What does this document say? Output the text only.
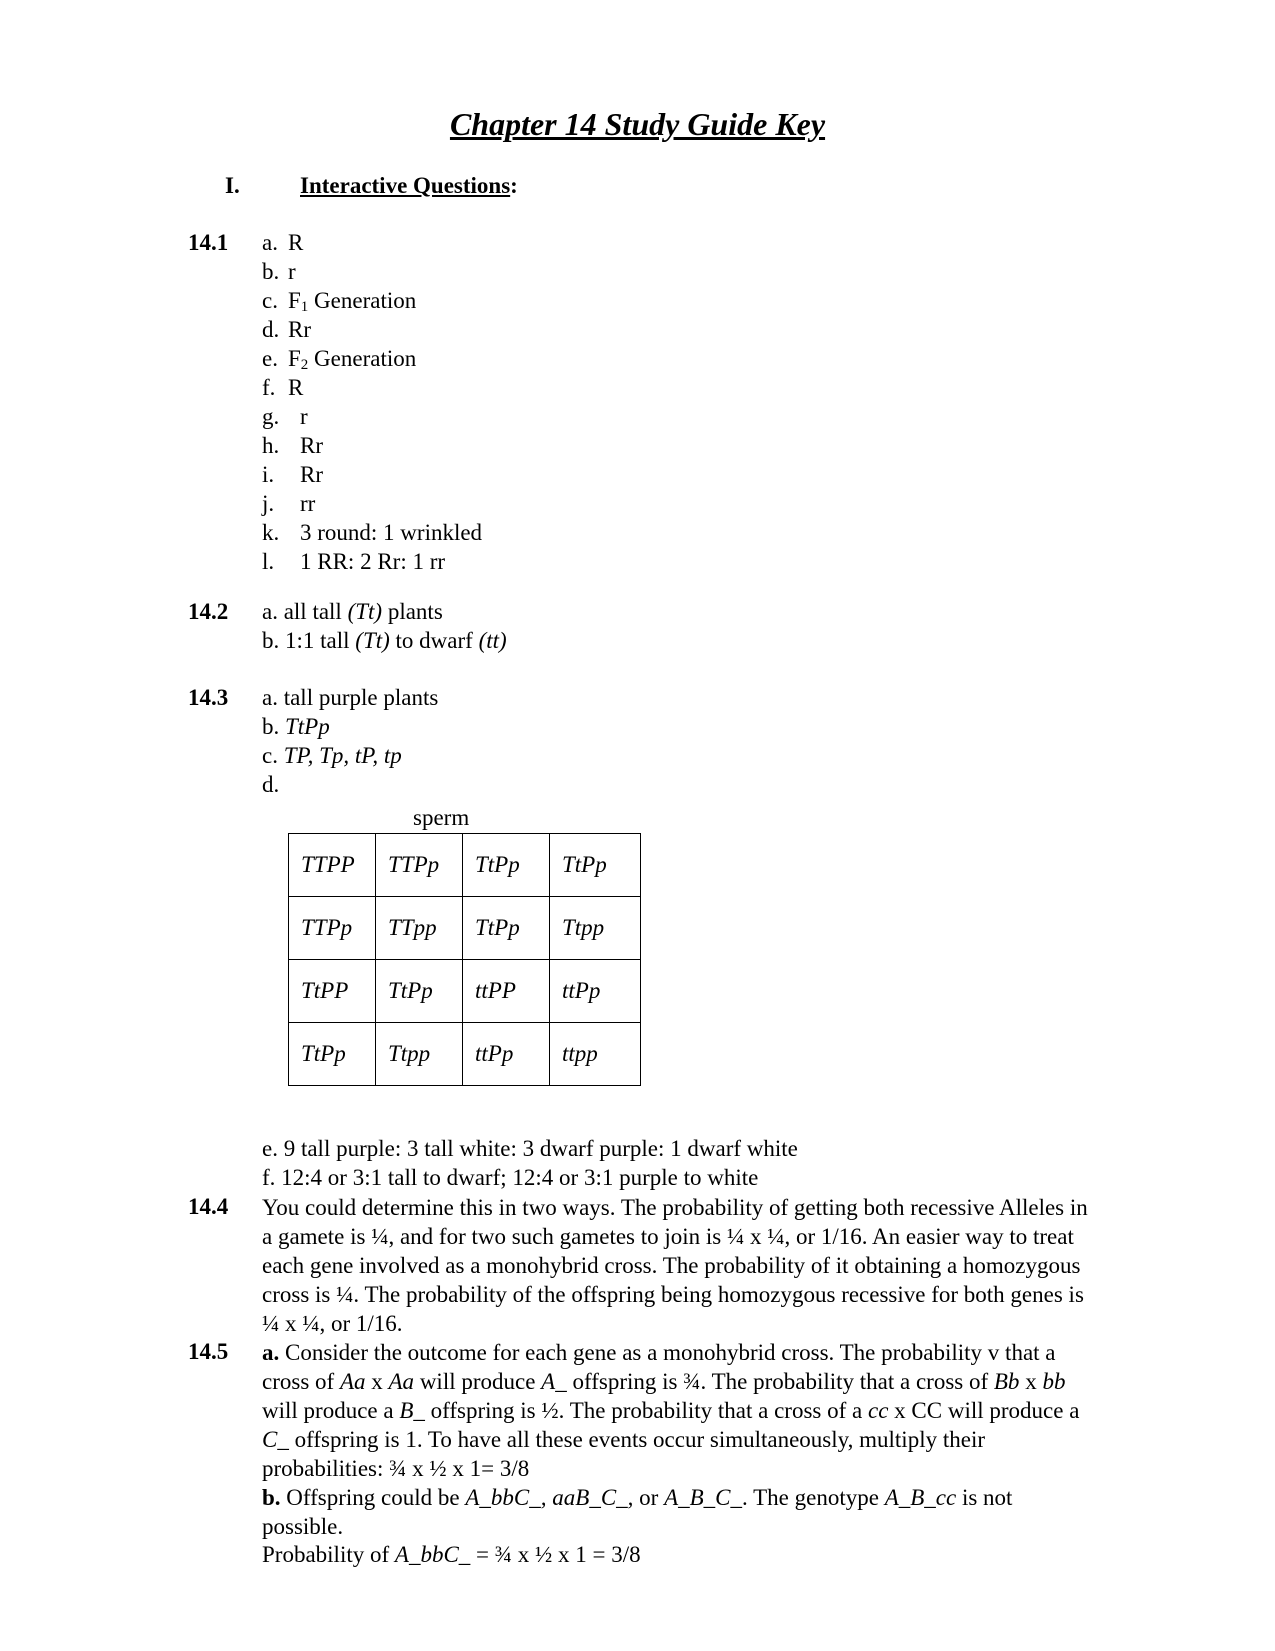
Chapter 14 Study Guide Key
I.	Interactive Questions:
14.1 a. R
b. r
c. $F_1$ Generation
d. Rr
e. $F_2$ Generation
f. R
g. r
h. Rr
i. Rr
j. rr
k. 3 round: 1 wrinkled
l. 1 RR: 2 Rr: 1 rr
14.2 a. all tall (Tt) plants
b. 1:1 tall (Tt) to dwarf (tt)
14.3 a. tall purple plants
b. TtPp
c. TP, Tp, tP, tp
d.
sperm
TTPP	TTPp	TtPp	TtPp
TTPp	TTpp	TtPp	Ttpp
TtPP	TtPp	ttPP	ttPp
TtPp	Ttpp	ttPp	ttpp
e. 9 tall purple: 3 tall white: 3 dwarf purple: 1 dwarf white
f. 12:4 or 3:1 tall to dwarf; 12:4 or 3:1 purple to white
14.4 You could determine this in two ways. The probability of getting both recessive Alleles in a gamete is ¼, and for two such gametes to join is ¼ x ¼, or 1/16. An easier way to treat each gene involved as a monohybrid cross. The probability of it obtaining a homozygous cross is ¼. The probability of the offspring being homozygous recessive for both genes is ¼ x ¼, or 1/16.
14.5 a. Consider the outcome for each gene as a monohybrid cross. The probability v that a cross of Aa x Aa will produce A_ offspring is ¾. The probability that a cross of Bb x bb will produce a B_ offspring is ½. The probability that a cross of a cc x CC will produce a C_ offspring is 1. To have all these events occur simultaneously, multiply their probabilities: ¾ x ½ x 1= 3/8
b. Offspring could be A_bbC_, aaB_C_, or A_B_C_. The genotype A_B_cc is not possible.
Probability of A_bbC_ = ¾ x ½ x 1 = 3/8
